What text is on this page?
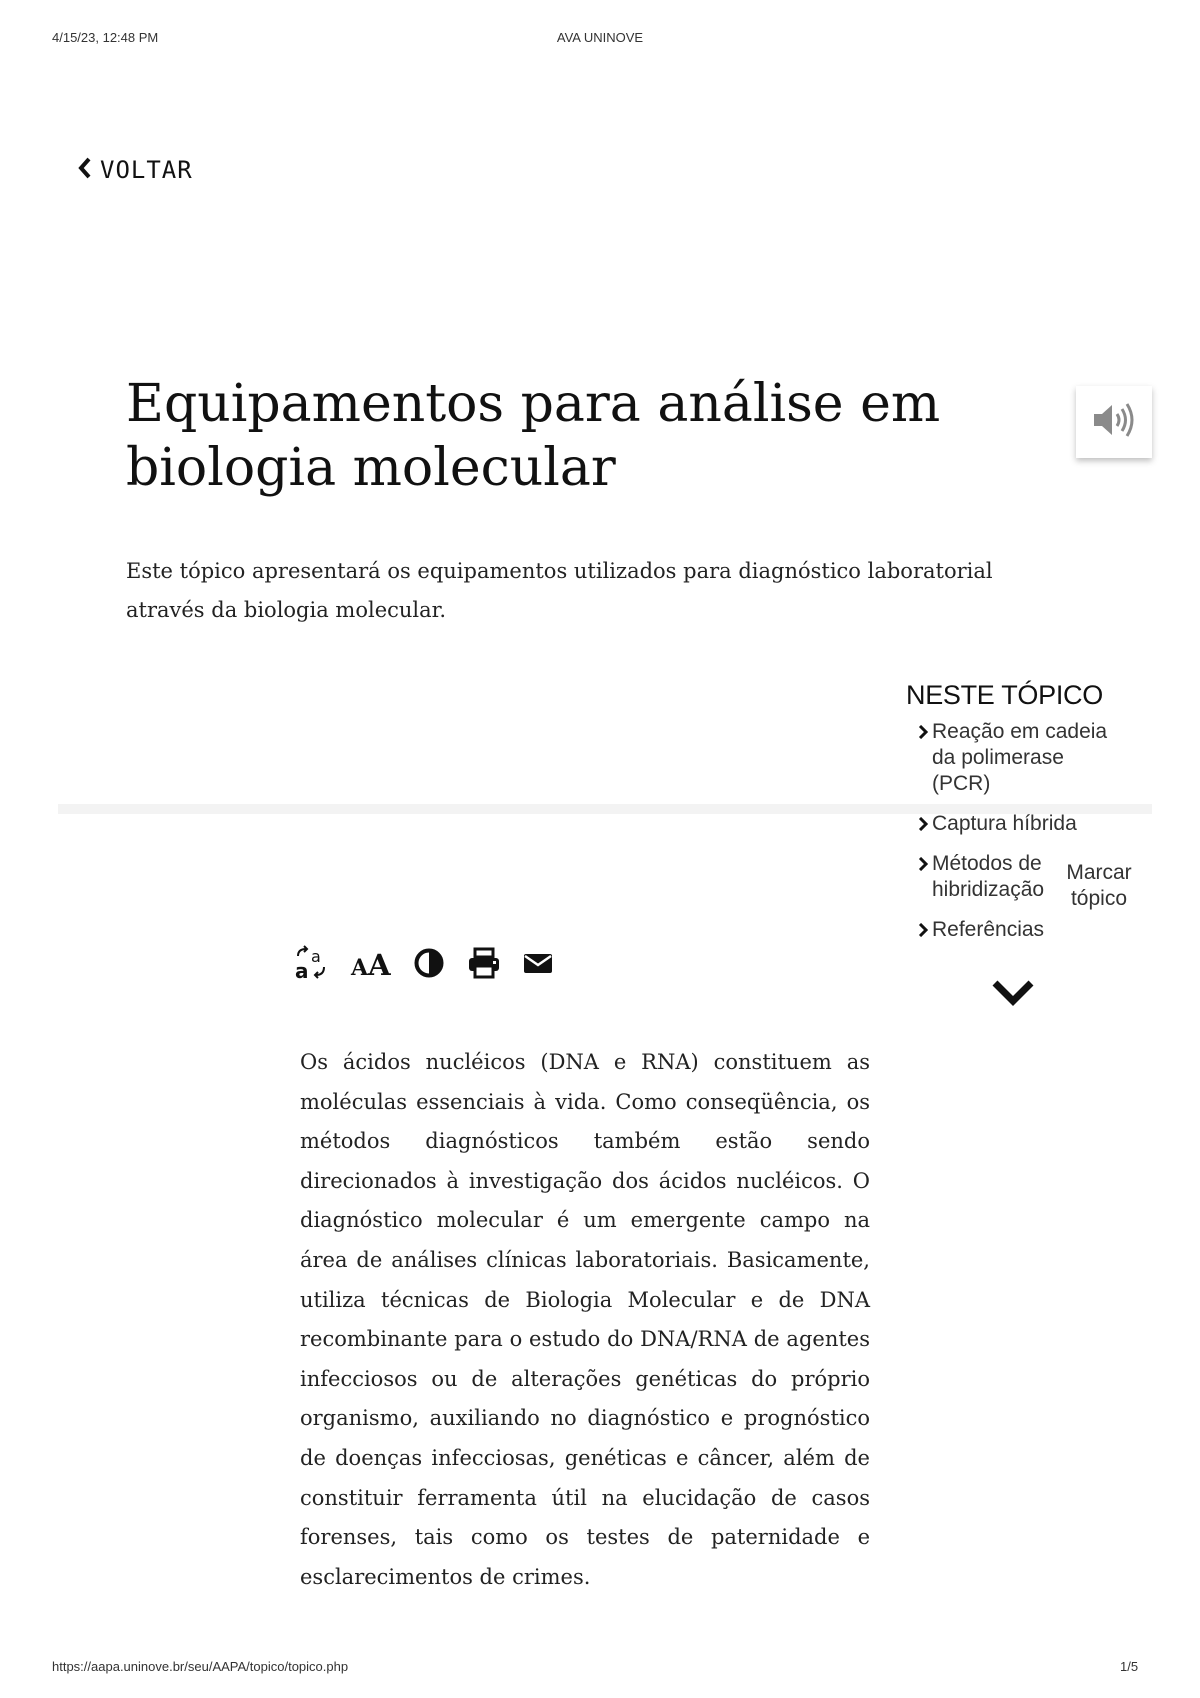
4/15/23, 12:48 PM	AVA UNINOVE
VOLTAR
Equipamentos para análise em biologia molecular

Este tópico apresentará os equipamentos utilizados para diagnóstico laboratorial através da biologia molecular.

NESTE TÓPICO
Reação em cadeia da polimerase (PCR)
Captura híbrida
Métodos de hibridização
Referências
Marcar tópico
a
a AA

Os ácidos nucléicos (DNA e RNA) constituem as moléculas essenciais à vida. Como conseqüência, os métodos diagnósticos também estão sendo direcionados à investigação dos ácidos nucléicos. O diagnóstico molecular é um emergente campo na área de análises clínicas laboratoriais. Basicamente, utiliza técnicas de Biologia Molecular e de DNA recombinante para o estudo do DNA/RNA de agentes infecciosos ou de alterações genéticas do próprio organismo, auxiliando no diagnóstico e prognóstico de doenças infecciosas, genéticas e câncer, além de constituir ferramenta útil na elucidação de casos forenses, tais como os testes de paternidade e esclarecimentos de crimes.

https://aapa.uninove.br/seu/AAPA/topico/topico.php	1/5
